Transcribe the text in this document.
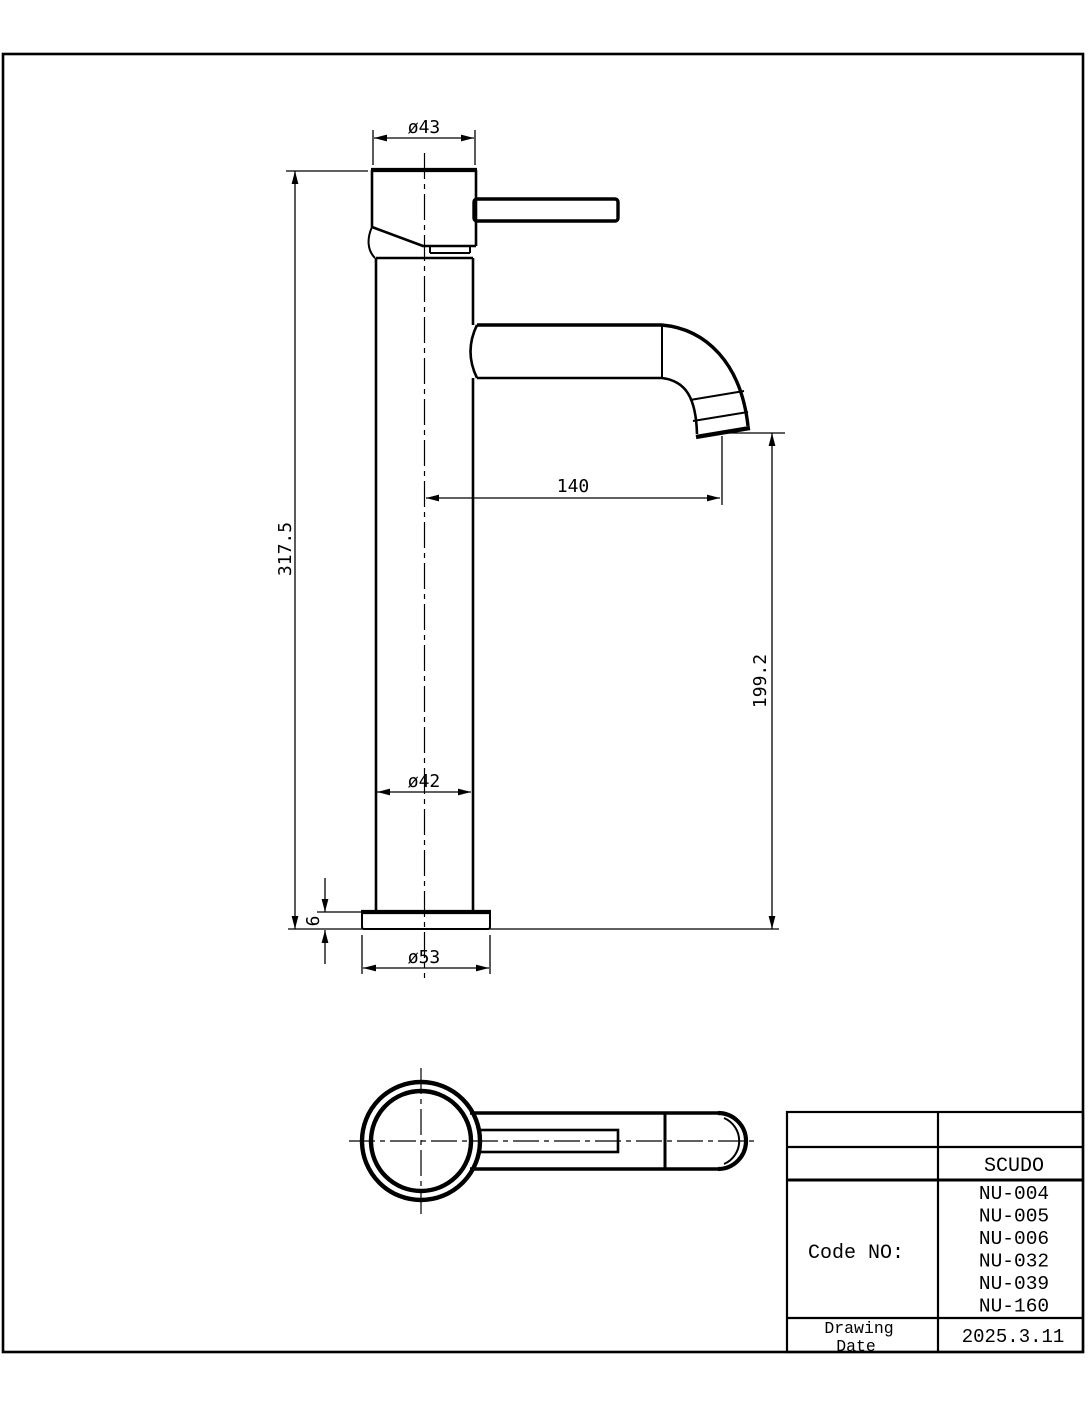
ø43
317.5
140
199.2
ø42
6
ø53
SCUDO
Code NO:
NU-004
NU-005
NU-006
NU-032
NU-039
NU-160
Drawing
Date	2025.3.11
